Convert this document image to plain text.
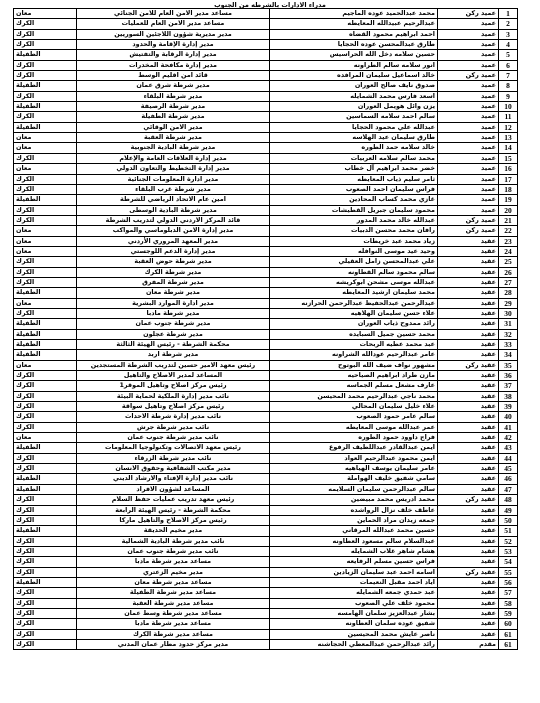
مدراء الادارات بالشرطه من الجنوب
1	عميد ركن	محمد عبدالحميد عوده الماجيم	مساعد مدير الامن العام للامن الجنائي	معان
2	عميد	عبدالرحيم عبيدالله المعايطه	مساعد مدير الامن العام للعمليات	الكرك
3	عميد	احمد ابراهيم محمود القضاه	مدير مديرية شؤون اللاجئين السوريين	الكرك
4	عميد	طارق عبدالمحسن عوده الحجايا	مدير إدارة الإقامة والحدود	الكرك
5	عميد	حسين سلامه دخل الله الحراسيس	مدير إدارة الرقابة والتفتيش	الطفيلة
6	عميد	انور سلامه سالم الطراونه	مدير إدارة مكافحة المخدرات	الكرك
7	عميد ركن	خالد اسماعيل سليمان المرافده	قائد امن اقليم الوسط	الكرك
8	عميد	صدوق نايف صالح العوران	مدير شرطة شرق عمان	الطفيلة
9	عميد	اسعد فارس محمد الشمايله	مدير شرطة البلقاء	الكرك
10	عميد	يزن وائل هويمل العوران	مدير شرطة الرصيفة	الطفيلة
11	عميد	سالم احمد سلامه السماسين	مدير شرطة الطفيلة	الكرك
12	عميد	عبدالله علي محمود الحجايا	مدير الامن الوقائي	الطفيلة
13	عميد	طارق سليمان عيد الهلاسه	مدير شرطة العقبة	معان
14	عميد	خالد سلامه حمد الطوره	مدير شرطة البادية الجنوبية	معان
15	عميد	محمد سالم سلامه العربيات	مدير إدارة العلاقات العامة والإعلام	الكرك
16	عميد	خضر محمد ابراهيم آل خطاب	مدير إدارة التخطيط والتعاون الدولي	معان
17	عميد	ثامر سليم ذياب المعايطه	مدير ادارة المعلومات الجنائية	الكرك
18	عميد	فراس سليمان احمد الصعوب	مدير شرطة غرب البلقاء	الكرك
19	عميد	غازي محمد كساب المحادين	امين عام الاتحاد الرياضي للشرطة	الطفيلة
20	عميد	محمود سليمان جبريل القطيشات	مدير شرطة البادية الوسطى	الكرك
21	عميد ركن	عبدالله خالد محمد المدور	قائد المركز الاردني الدولي لتدريب الشرطة	الكرك
22	عميد ركن	رافان محمد محسن الدبيات	مدير إدارة الامن الدبلوماسي والمواكب	معان
23	عقيد	زياد محمد عبد خريطات	مدير المعهد المروري الأردني	معان
24	عقيد	وحيد عيد موسى النوافله	مدير إدارة الدعم اللوجستي	معان
25	عقيد	علي عبدالمحسن زامل العقيلي	مدير شرطة حوض العقبة	الكرك
26	عقيد	سالم محمود سالم القطاونه	مدير شرطة الكرك	الكرك
27	عقيد	عبدالله موسى مشحن ابوكريشه	مدير شرطة المفرق	الكرك
28	عقيد	محمد سليمان ارشيد المعايطه	مدير شرطة معان	الطفيلة
29	عقيد	عبدالرحمن عبدالحفيظ عبدالرحمن الحرازنه	مدير ادارة الموارد البشرية	معان
30	عقيد	علاء حسن سليمان الهلاهيه	مدير شرطة مادبا	الكرك
31	عقيد	رائد ممدوح ذياب العوران	مدير شرطة جنوب عمان	الطفيلة
32	عقيد	محمد حسين جميل السبايده	مدير شرطة عجلون	الطفيلة
33	عقيد	عبد محمد عطيه الربحات	محكمة الشرطة - رئيس الهيئة الثالثة	الطفيلة
34	عقيد	عامر عبدالرحيم عودالله الشراونه	مدير شرطة اربد	الطفيلة
35	عقيد ركن	مشهور نواف ضيف الله البوتوح	رئيس معهد الامير حسين لتدريب الشرطة المستجدين	معان
36	عقيد	مازن طراد ابراهيم الصياحيه	المساعد لمدير الاصلاح والتاهيل	الكرك
37	عقيد	عارف مشعل مسلم الجماسه	رئيس مركز اصلاح وتاهيل الموقر1	الكرك
38	عقيد	محمد ناجي عبدالرحيم محمد المحيسن	نائب مدير إدارة الملكية لحماية البيئة	الكرك
39	عقيد	علاء خليل سليمان المحالي	رئيس مركز اصلاح وتاهيل سواقة	الكرك
40	عقيد	سالم عامر حمود الصعوب	نائب مدير إدارة شرطة الاحداث	الكرك
41	عقيد	عمر عبدالله موسى المعايطه	نائب مدير شرطة جرش	الكرك
42	عقيد	فراج داوود حمود الطوره	نائب مدير شرطة جنوب عمان	معان
43	عقيد	ايمن عبدالقادر عبداللطيف الرفوع	رئيس معهد الاتصالات وتكنولوجيا المعلومات	الطفيلة
44	عقيد	ايمن محمود عبدالرحيم العواد	نائب مدير شرطة الزرقاء	الكرك
45	عقيد	عامر سليمان يوسف الهياهيه	مدير مكتب الشفافية وحقوق الانسان	الكرك
46	عقيد	سامي شفيق خليف الهواملة	نائب مدير إدارة الإفتاء والارشاد الديني	الطفيلة
47	عقيد	سالم عبدالرحمن سليمان السلايمه	المساعد لشؤون الافراد	الطفيلة
48	عقيد ركن	محمد ادريس محمد مبيضين	رئيس معهد تدريب عمليات حفظ السلام	الكرك
49	عقيد	عاطف خلف نزال الرواشده	محكمة الشرطة - رئيس الهيئة الرابعة	الكرك
50	عقيد	جمعه زيدان مراد الحماين	رئيس مركز الاصلاح والتاهيل ماركا	الكرك
51	عقيد	حسين محمد عبدالله المرقاني	مدير مخيم الحديقة	الطفيلة
52	عقيد	عبدالسلام سالم مسعود العطاونه	نائب مدير شرطة البادية الشمالية	الكرك
53	عقيد	هشام شاهر غلاب الشمايله	نائب مدير شرطة جنوب عمان	الكرك
54	عقيد	فراس حسين مسلم الرفايعه	مساعد مدير شرطة مادبا	الكرك
55	عقيد ركن	اسامه احمد عبد سليمان الزيادين	مدير مخيم الزعتري	الكرك
56	عقيد	اياد احمد مقبل النعيمات	مساعد مدير شرطة معان	الطفيلة
57	عقيد	عبد حمدي جمعه الشمايله	مساعد مدير شرطة الطفيلة	الكرك
58	عقيد	محمود خلف علي الصعوب	مساعد مدير شرطة العقبة	الكرك
59	عقيد	بشار عبدالعزيز سلمان الهامسه	مساعد مدير شرطة وسط عمان	الكرك
60	عقيد	شفيق عوده سلمان العطاونه	مساعد مدير شرطة مادبا	الكرك
61	عقيد	ناصر عايش محمد المحيسين	مساعد مدير شرطة الكرك	الكرك
61	مقدم	رائد عبدالرحمن عبدالمعطي الحجاشنه	مدير مركز حدود مطار عمان المدني	الكرك
